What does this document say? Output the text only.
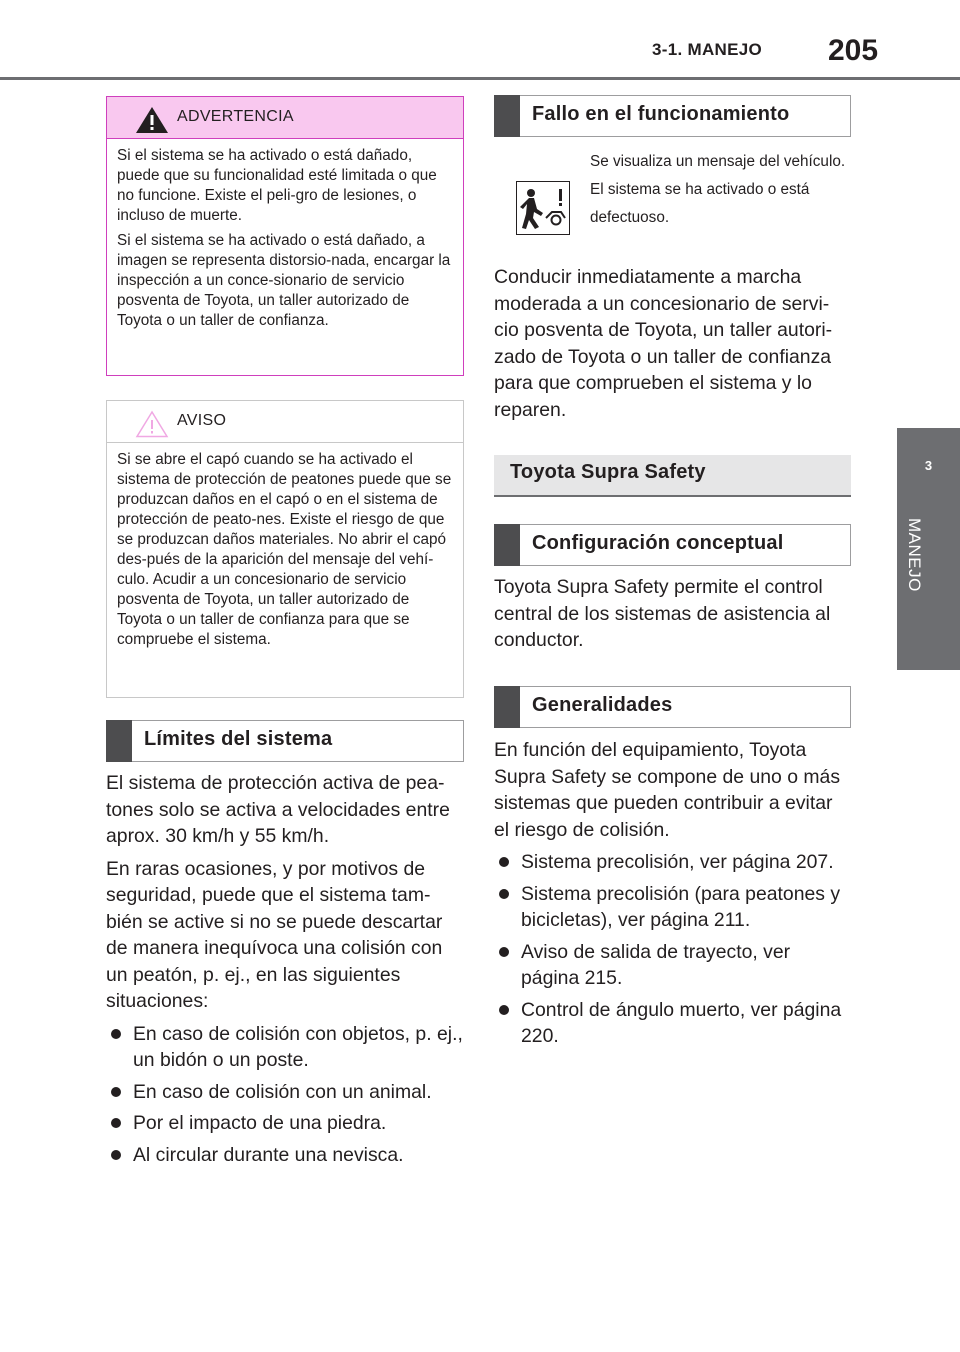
3-1. MANEJO 205
3
MANEJO
ADVERTENCIA

Si el sistema se ha activado o está dañado, puede que su funcionalidad esté limitada o que no funcione. Existe el peli-gro de lesiones, o incluso de muerte.

Si el sistema se ha activado o está dañado, a imagen se representa distorsio-nada, encargar la inspección a un conce-sionario de servicio posventa de Toyota, un taller autorizado de Toyota o un taller de confianza.

AVISO

Si se abre el capó cuando se ha activado el sistema de protección de peatones puede que se produzcan daños en el capó o en el sistema de protección de peato-nes. Existe el riesgo de que se produzcan daños materiales. No abrir el capó des-pués de la aparición del mensaje del vehí-culo. Acudir a un concesionario de servicio posventa de Toyota, un taller autorizado de Toyota o un taller de confianza para que se compruebe el sistema.

Límites del sistema

El sistema de protección activa de pea-tones solo se activa a velocidades entre aprox. 30 km/h y 55 km/h.

En raras ocasiones, y por motivos de seguridad, puede que el sistema tam-bién se active si no se puede descartar de manera inequívoca una colisión con un peatón, p. ej., en las siguientes situaciones:

En caso de colisión con objetos, p. ej., un bidón o un poste.
En caso de colisión con un animal.
Por el impacto de una piedra.
Al circular durante una nevisca.
Fallo en el funcionamiento

Se visualiza un mensaje del vehículo.

El sistema se ha activado o está defectuoso.

Conducir inmediatamente a marcha moderada a un concesionario de servi-cio posventa de Toyota, un taller autori-zado de Toyota o un taller de confianza para que comprueben el sistema y lo reparen.

Toyota Supra Safety
Configuración conceptual

Toyota Supra Safety permite el control central de los sistemas de asistencia al conductor.

Generalidades

En función del equipamiento, Toyota Supra Safety se compone de uno o más sistemas que pueden contribuir a evitar el riesgo de colisión.

Sistema precolisión, ver página 207.
Sistema precolisión (para peatones y bicicletas), ver página 211.
Aviso de salida de trayecto, ver página 215.
Control de ángulo muerto, ver página 220.
